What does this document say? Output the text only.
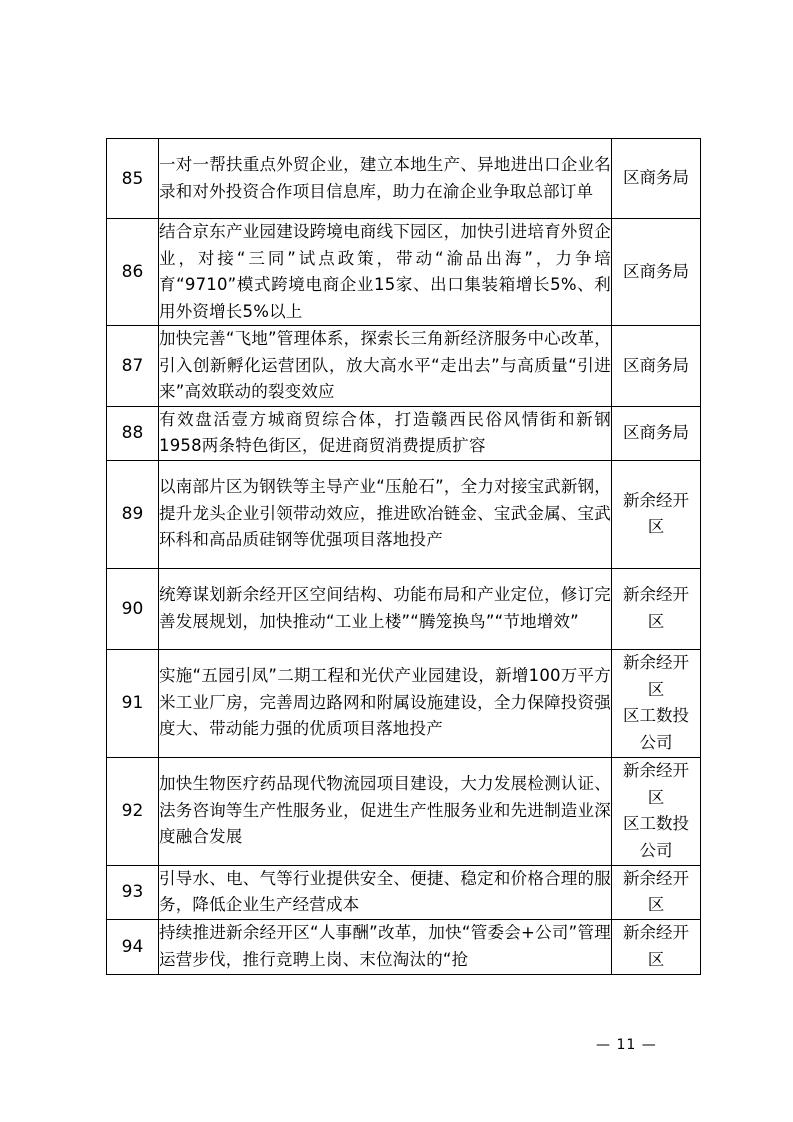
85	一对一帮扶重点外贸企业，建立本地生产、异地进出口企业名录和对外投资合作项目信息库，助力在渝企业争取总部订单	区商务局

86	结合京东产业园建设跨境电商线下园区，加快引进培育外贸企业，对接“三同”试点政策，带动“渝品出海”，力争培育“9710”模式跨境电商企业15家、出口集装箱增长5%、利用外资增长5%以上	区商务局

87	加快完善“飞地”管理体系，探索长三角新经济服务中心改革，引入创新孵化运营团队，放大高水平“走出去”与高质量“引进来”高效联动的裂变效应	区商务局

88	有效盘活壹方城商贸综合体，打造赣西民俗风情街和新钢1958两条特色街区，促进商贸消费提质扩容	区商务局

89	以南部片区为钢铁等主导产业“压舱石”，全力对接宝武新钢，提升龙头企业引领带动效应，推进欧冶链金、宝武金属、宝武环科和高品质硅钢等优强项目落地投产	新余经开
区

90	统筹谋划新余经开区空间结构、功能布局和产业定位，修订完善发展规划，加快推动“工业上楼”“腾笼换鸟”“节地增效”	新余经开
区

91	实施“五园引凤”二期工程和光伏产业园建设，新增100万平方米工业厂房，完善周边路网和附属设施建设，全力保障投资强度大、带动能力强的优质项目落地投产	新余经开
区
区工数投
公司

92	加快生物医疗药品现代物流园项目建设，大力发展检测认证、法务咨询等生产性服务业，促进生产性服务业和先进制造业深度融合发展	新余经开
区
区工数投
公司

93	引导水、电、气等行业提供安全、便捷、稳定和价格合理的服务，降低企业生产经营成本	新余经开
区

94	持续推进新余经开区“人事酬”改革，加快“管委会+公司”管理运营步伐，推行竞聘上岗、末位淘汰的“抢	新余经开
区
— 11 —
